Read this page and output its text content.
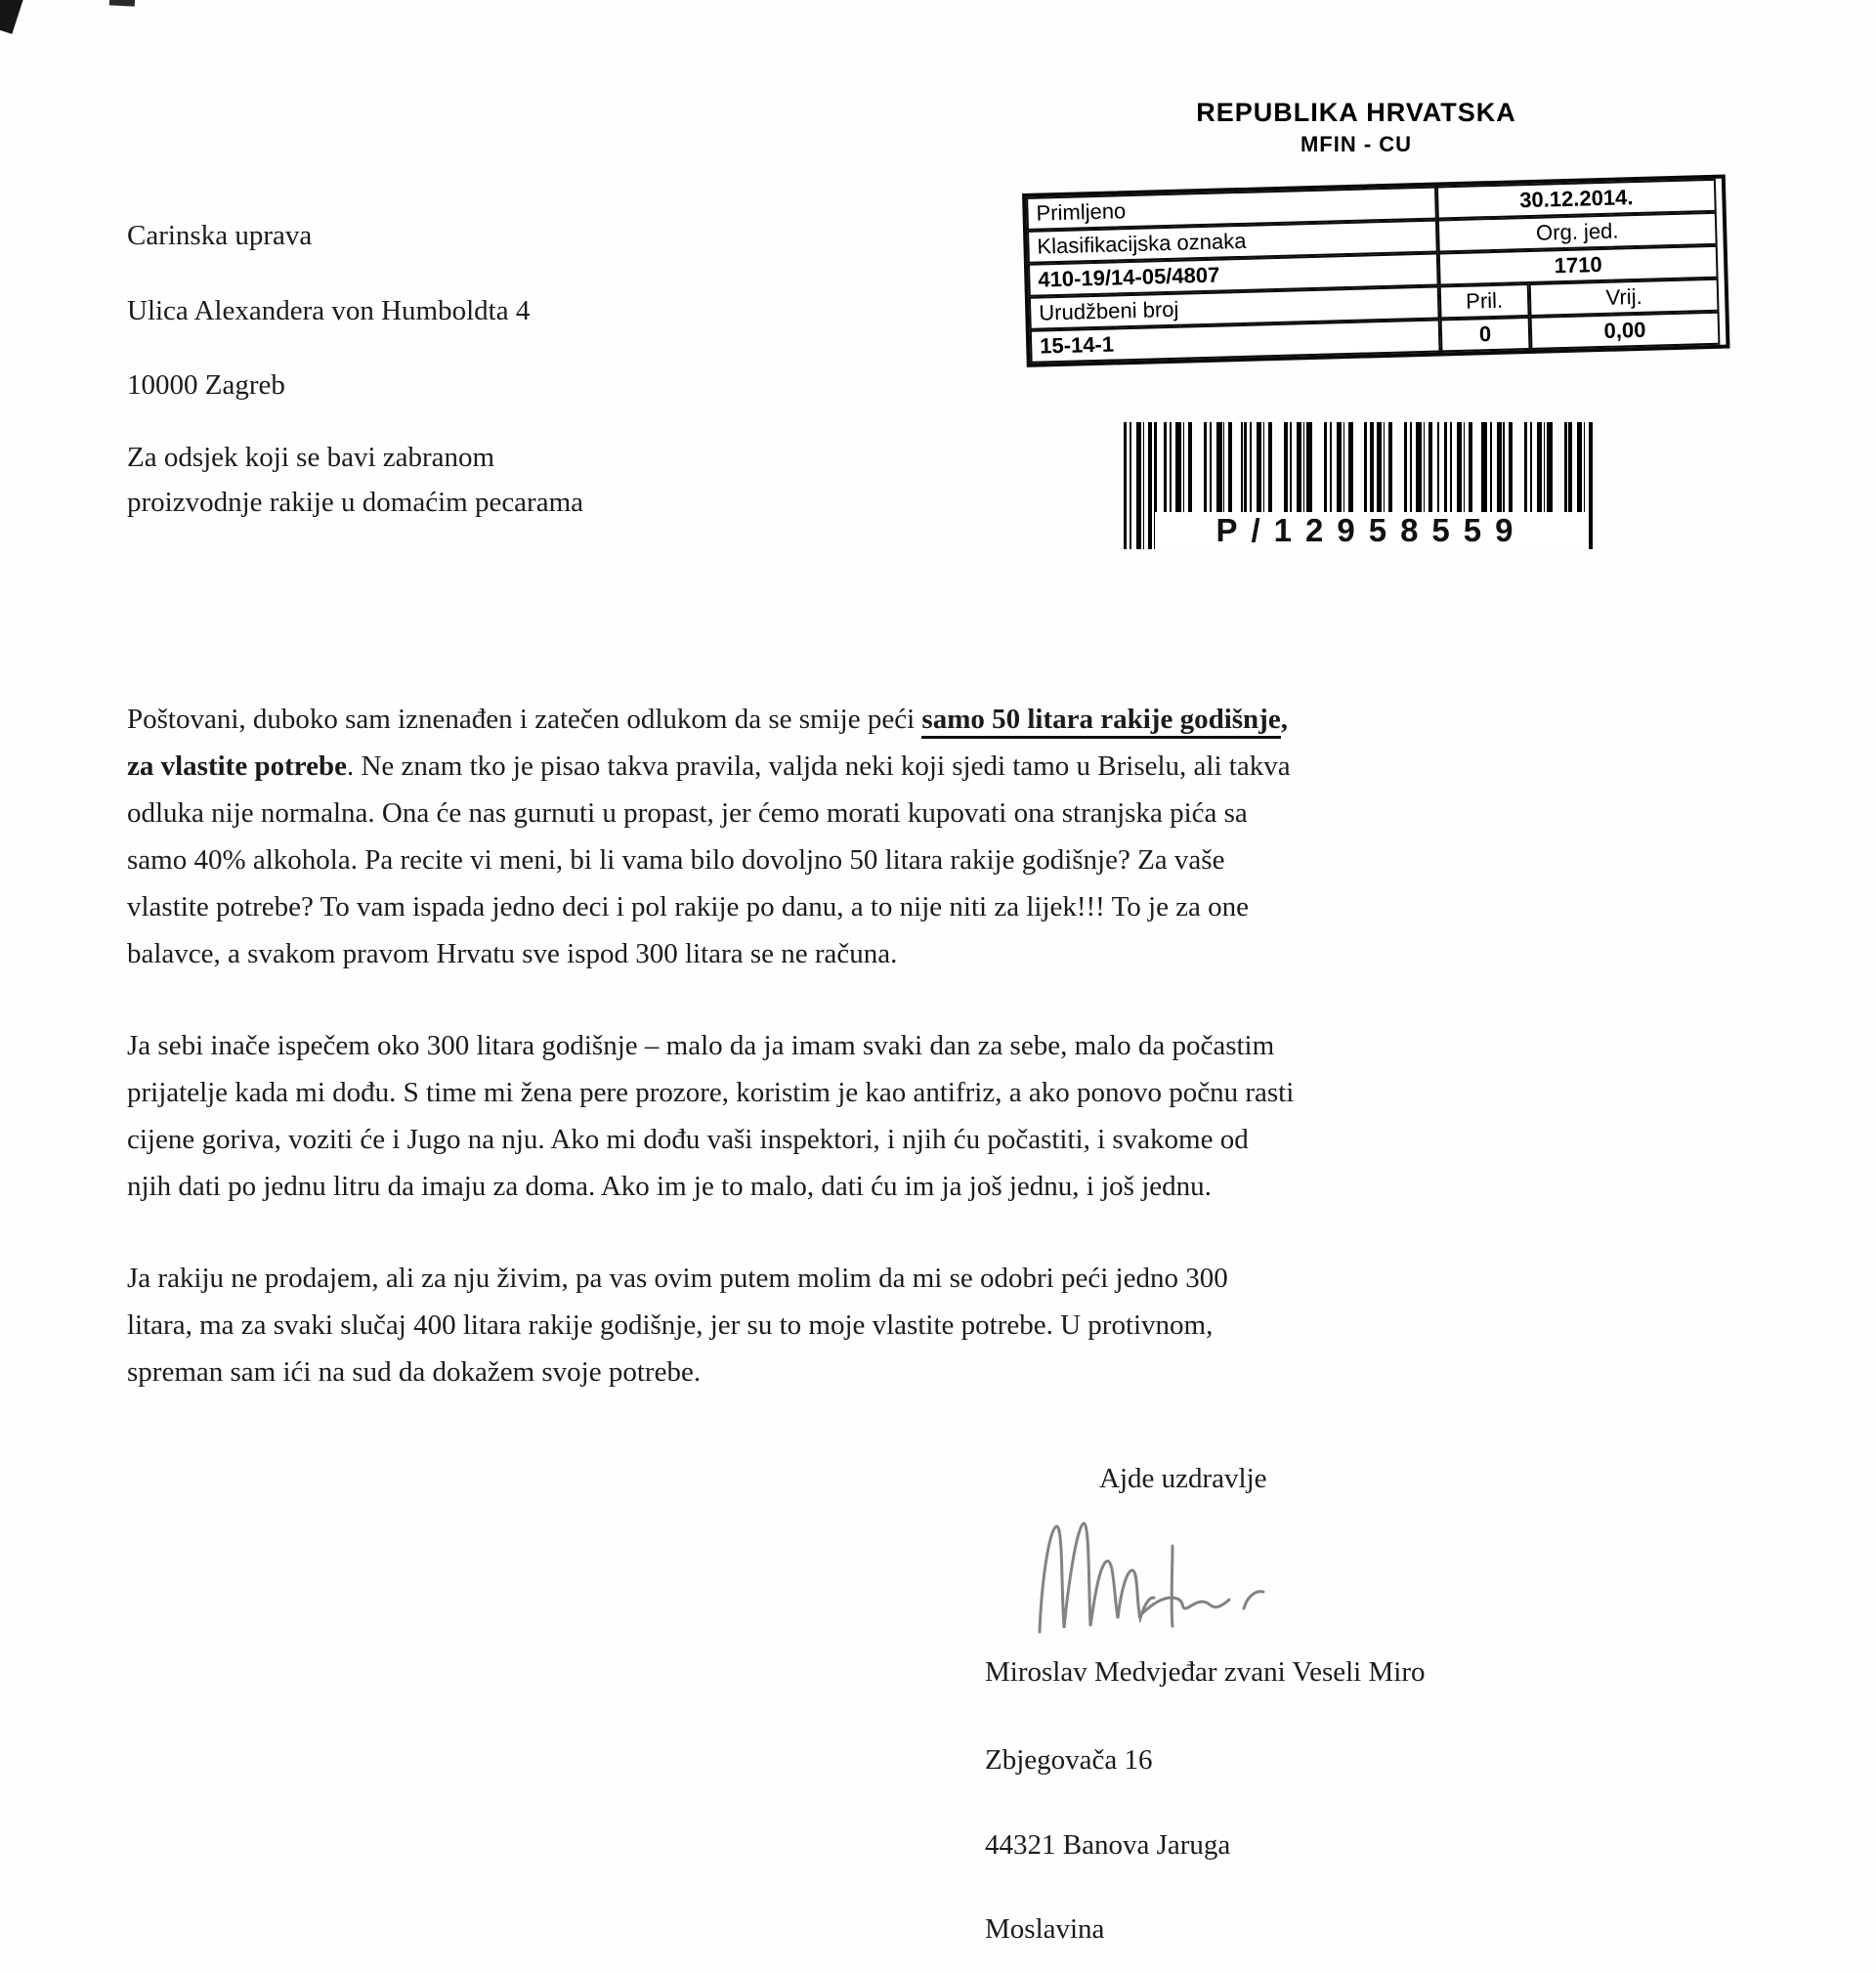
REPUBLIKA HRVATSKA
MFIN - CU
Primljeno	30.12.2014.
Klasifikacijska oznaka	Org. jed.
410-19/14-05/4807	1710
Urudžbeni broj	Pril.	Vrij.
15-14-1	0	0,00
P/12958559
Carinska uprava
Ulica Alexandera von Humboldta 4
10000 Zagreb
Za odsjek koji se bavi zabranom
proizvodnje rakije u domaćim pecarama
Poštovani, duboko sam iznenađen i zatečen odlukom da se smije peći samo 50 litara rakije godišnje,
za vlastite potrebe. Ne znam tko je pisao takva pravila, valjda neki koji sjedi tamo u Briselu, ali takva
odluka nije normalna. Ona će nas gurnuti u propast, jer ćemo morati kupovati ona stranjska pića sa
samo 40% alkohola. Pa recite vi meni, bi li vama bilo dovoljno 50 litara rakije godišnje? Za vaše
vlastite potrebe? To vam ispada jedno deci i pol rakije po danu, a to nije niti za lijek!!! To je za one
balavce, a svakom pravom Hrvatu sve ispod 300 litara se ne računa.
Ja sebi inače ispečem oko 300 litara godišnje – malo da ja imam svaki dan za sebe, malo da počastim
prijatelje kada mi dođu. S time mi žena pere prozore, koristim je kao antifriz, a ako ponovo počnu rasti
cijene goriva, voziti će i Jugo na nju. Ako mi dođu vaši inspektori, i njih ću počastiti, i svakome od
njih dati po jednu litru da imaju za doma. Ako im je to malo, dati ću im ja još jednu, i još jednu.
Ja rakiju ne prodajem, ali za nju živim, pa vas ovim putem molim da mi se odobri peći jedno 300
litara, ma za svaki slučaj 400 litara rakije godišnje, jer su to moje vlastite potrebe. U protivnom,
spreman sam ići na sud da dokažem svoje potrebe.
Ajde uzdravlje
Miroslav Medvjeđar zvani Veseli Miro
Zbjegovača 16
44321 Banova Jaruga
Moslavina
